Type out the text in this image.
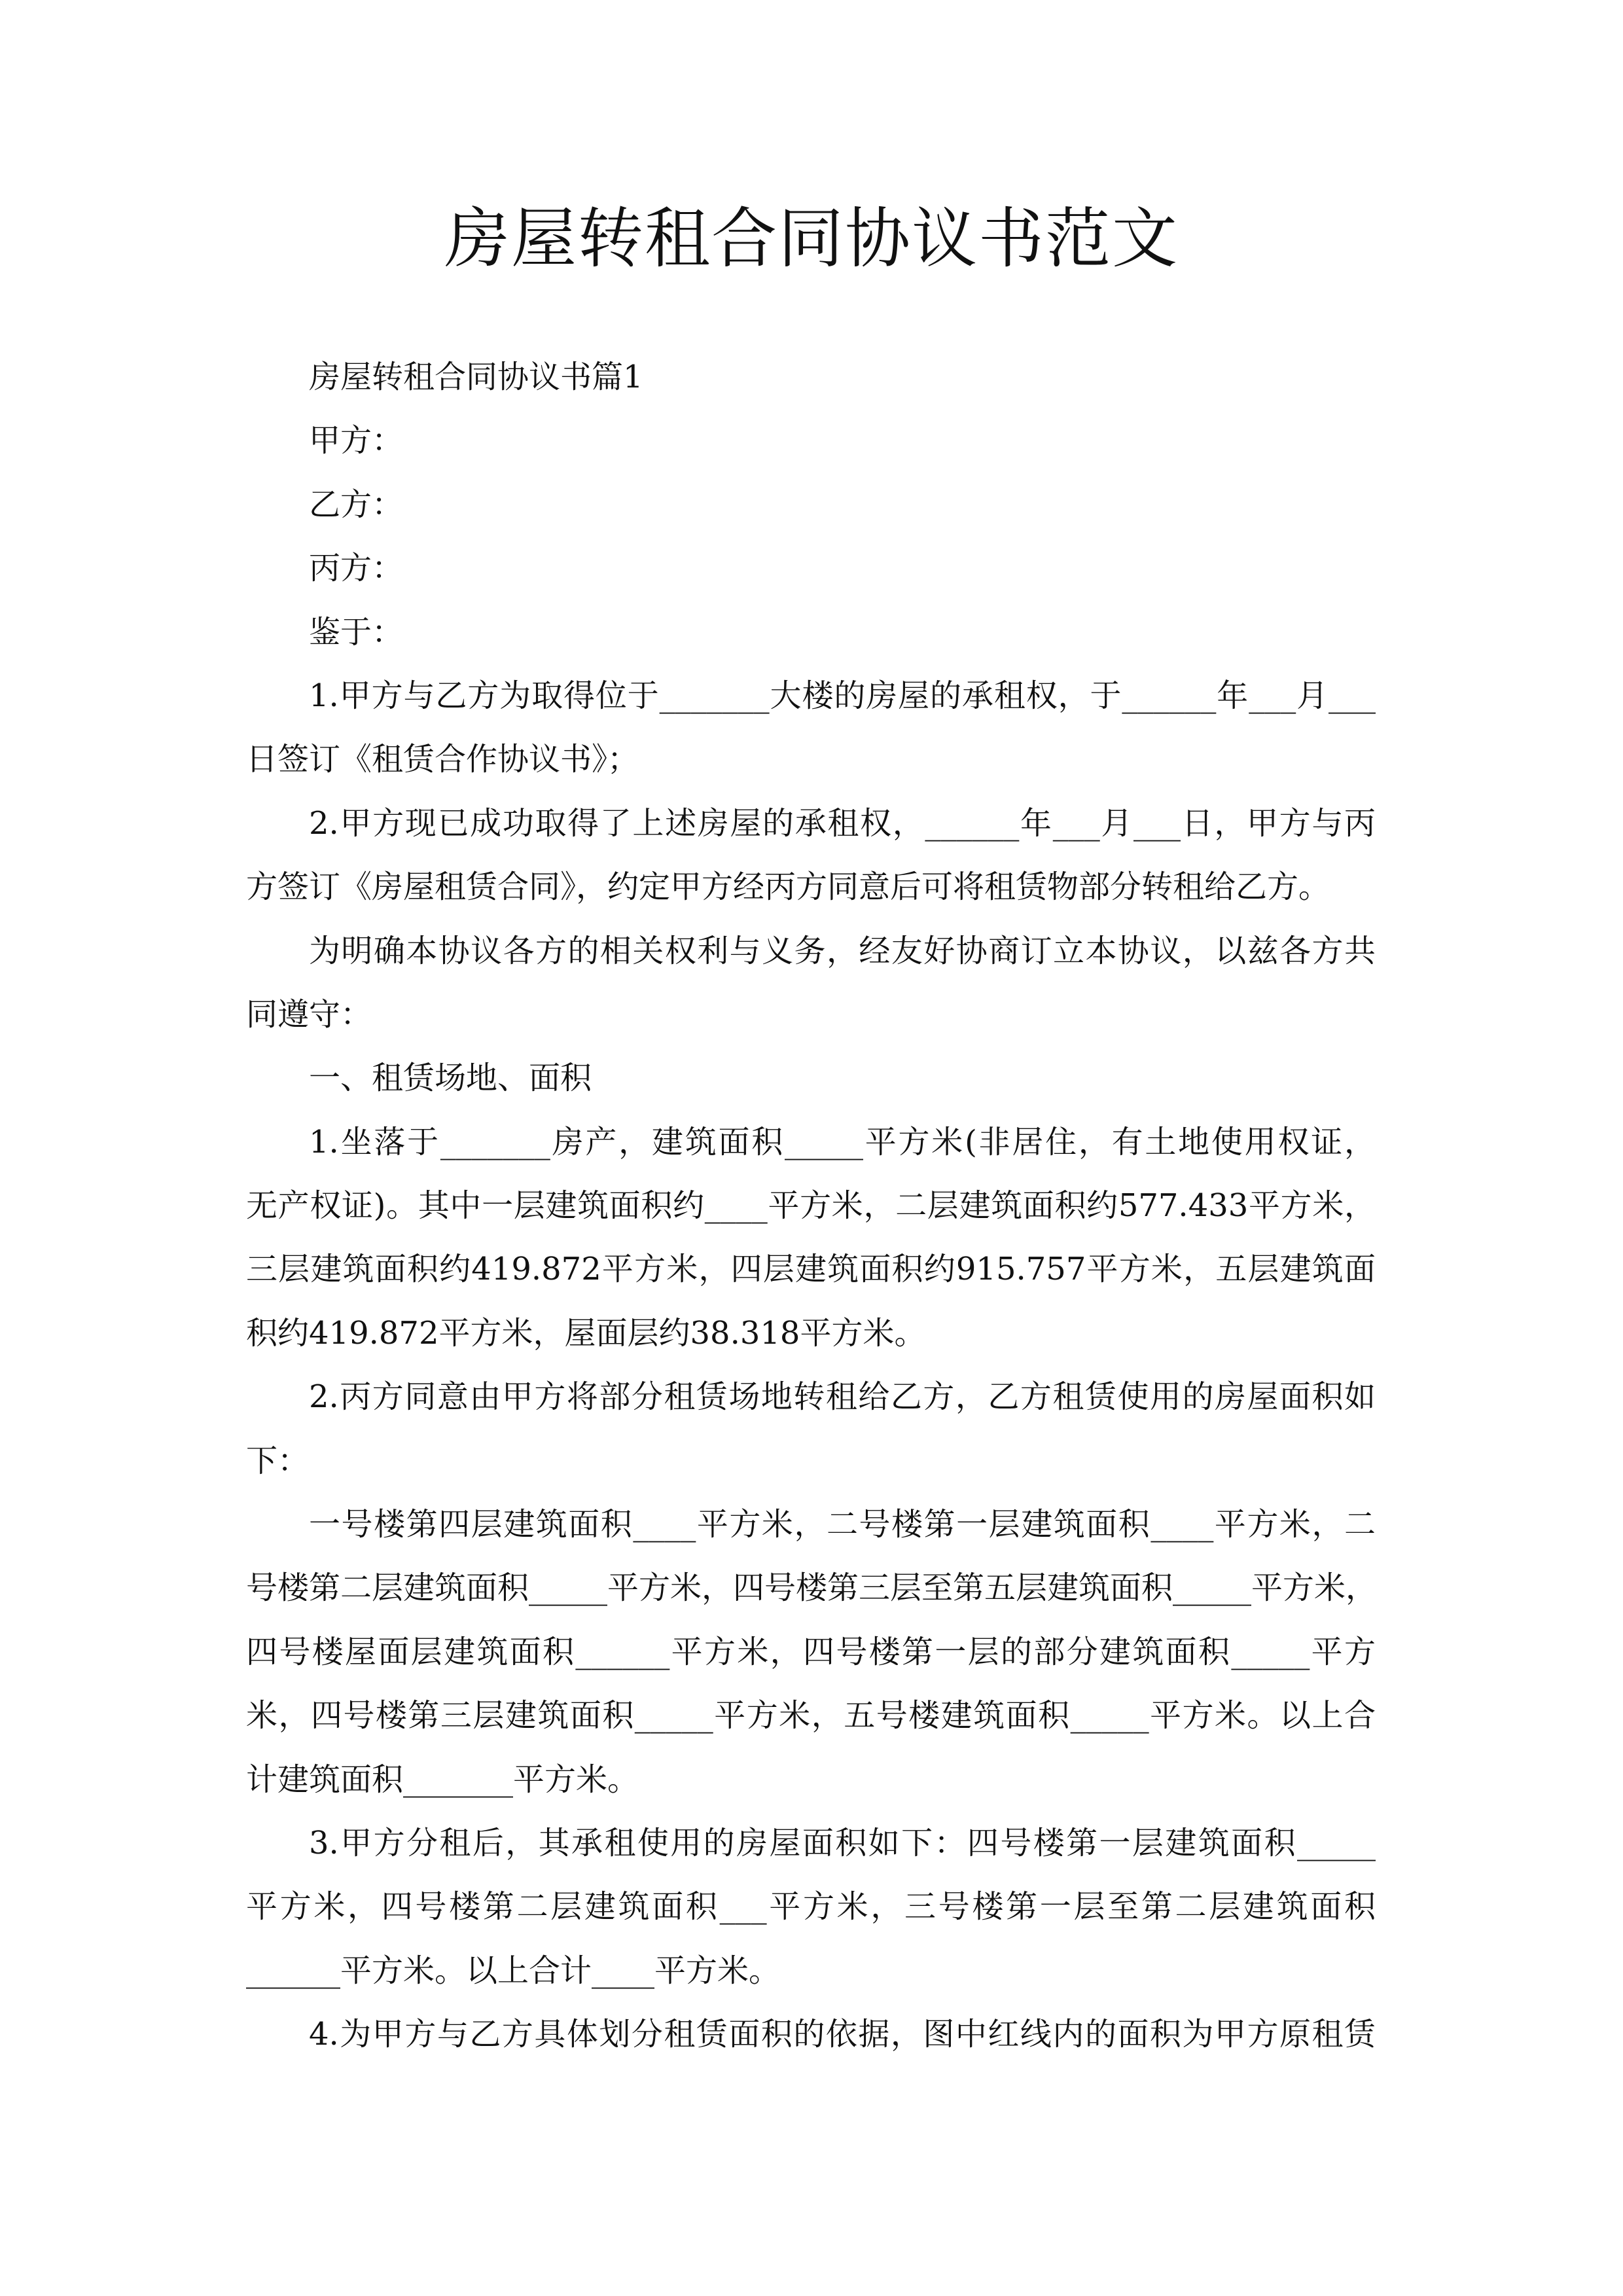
房屋转租合同协议书范文
房屋转租合同协议书篇1
甲方：
乙方：
丙方：
鉴于：
1.甲方与乙方为取得位于_______大楼的房屋的承租权，于______年___月___
日签订《租赁合作协议书》；
2.甲方现已成功取得了上述房屋的承租权，______年___月___日，甲方与丙
方签订《房屋租赁合同》，约定甲方经丙方同意后可将租赁物部分转租给乙方。
为明确本协议各方的相关权利与义务，经友好协商订立本协议，以兹各方共
同遵守：
一、租赁场地、面积
1.坐落于_______房产，建筑面积_____平方米(非居住，有土地使用权证，
无产权证)。其中一层建筑面积约____平方米，二层建筑面积约577.433平方米，
三层建筑面积约419.872平方米，四层建筑面积约915.757平方米，五层建筑面
积约419.872平方米，屋面层约38.318平方米。
2.丙方同意由甲方将部分租赁场地转租给乙方，乙方租赁使用的房屋面积如
下：
一号楼第四层建筑面积____平方米，二号楼第一层建筑面积____平方米，二
号楼第二层建筑面积_____平方米，四号楼第三层至第五层建筑面积_____平方米，
四号楼屋面层建筑面积______平方米，四号楼第一层的部分建筑面积_____平方
米，四号楼第三层建筑面积_____平方米，五号楼建筑面积_____平方米。以上合
计建筑面积_______平方米。
3.甲方分租后，其承租使用的房屋面积如下：四号楼第一层建筑面积_____
平方米，四号楼第二层建筑面积___平方米，三号楼第一层至第二层建筑面积
______平方米。以上合计____平方米。
4.为甲方与乙方具体划分租赁面积的依据，图中红线内的面积为甲方原租赁
